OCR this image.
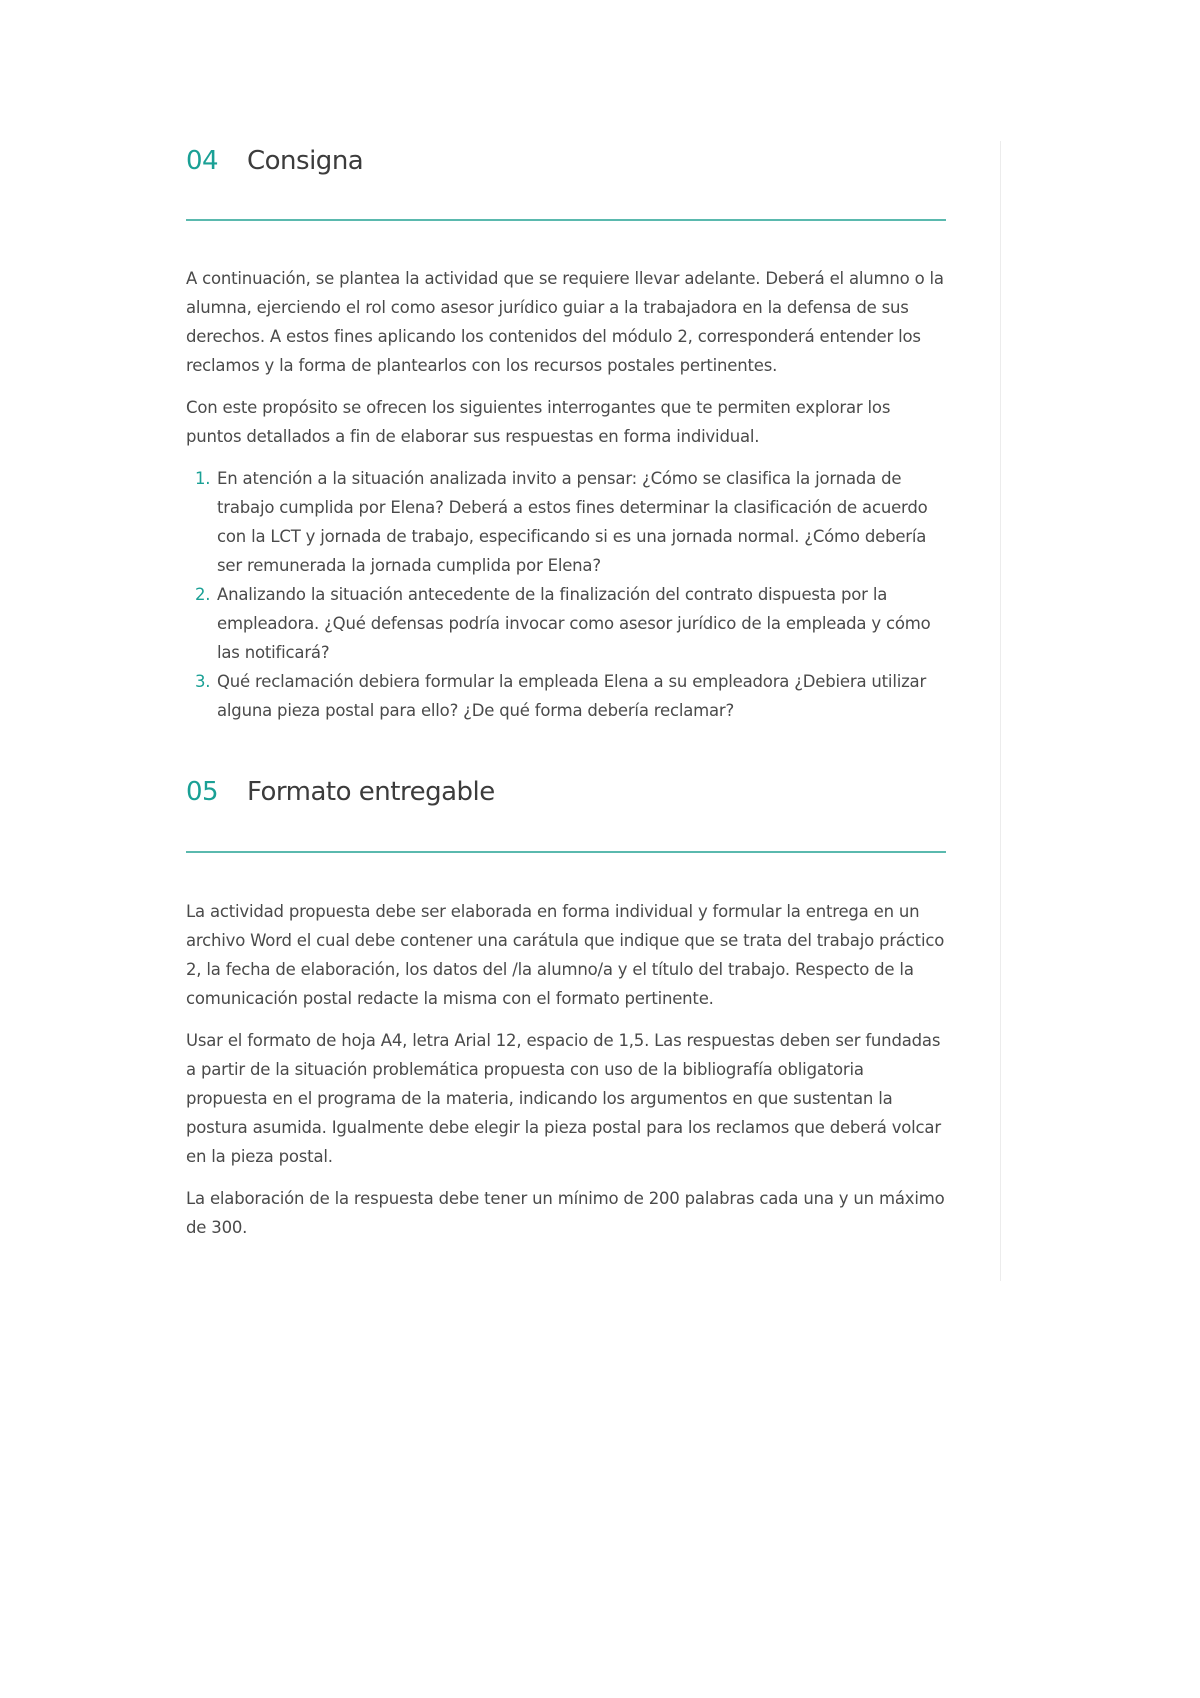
04	Consigna

A continuación, se plantea la actividad que se requiere llevar adelante. Deberá el alumno o la alumna, ejerciendo el rol como asesor jurídico guiar a la trabajadora en la defensa de sus derechos. A estos fines aplicando los contenidos del módulo 2, corresponderá entender los reclamos y la forma de plantearlos con los recursos postales pertinentes.

Con este propósito se ofrecen los siguientes interrogantes que te permiten explorar los puntos detallados a fin de elaborar sus respuestas en forma individual.

1. En atención a la situación analizada invito a pensar: ¿Cómo se clasifica la jornada de trabajo cumplida por Elena? Deberá a estos fines determinar la clasificación de acuerdo con la LCT y jornada de trabajo, especificando si es una jornada normal. ¿Cómo debería ser remunerada la jornada cumplida por Elena?
2. Analizando la situación antecedente de la finalización del contrato dispuesta por la empleadora. ¿Qué defensas podría invocar como asesor jurídico de la empleada y cómo las notificará?
3. Qué reclamación debiera formular la empleada Elena a su empleadora ¿Debiera utilizar alguna pieza postal para ello? ¿De qué forma debería reclamar?
05	Formato entregable

La actividad propuesta debe ser elaborada en forma individual y formular la entrega en un archivo Word el cual debe contener una carátula que indique que se trata del trabajo práctico 2, la fecha de elaboración, los datos del /la alumno/a y el título del trabajo. Respecto de la comunicación postal redacte la misma con el formato pertinente.

Usar el formato de hoja A4, letra Arial 12, espacio de 1,5. Las respuestas deben ser fundadas a partir de la situación problemática propuesta con uso de la bibliografía obligatoria propuesta en el programa de la materia, indicando los argumentos en que sustentan la postura asumida. Igualmente debe elegir la pieza postal para los reclamos que deberá volcar en la pieza postal.

La elaboración de la respuesta debe tener un mínimo de 200 palabras cada una y un máximo de 300.
